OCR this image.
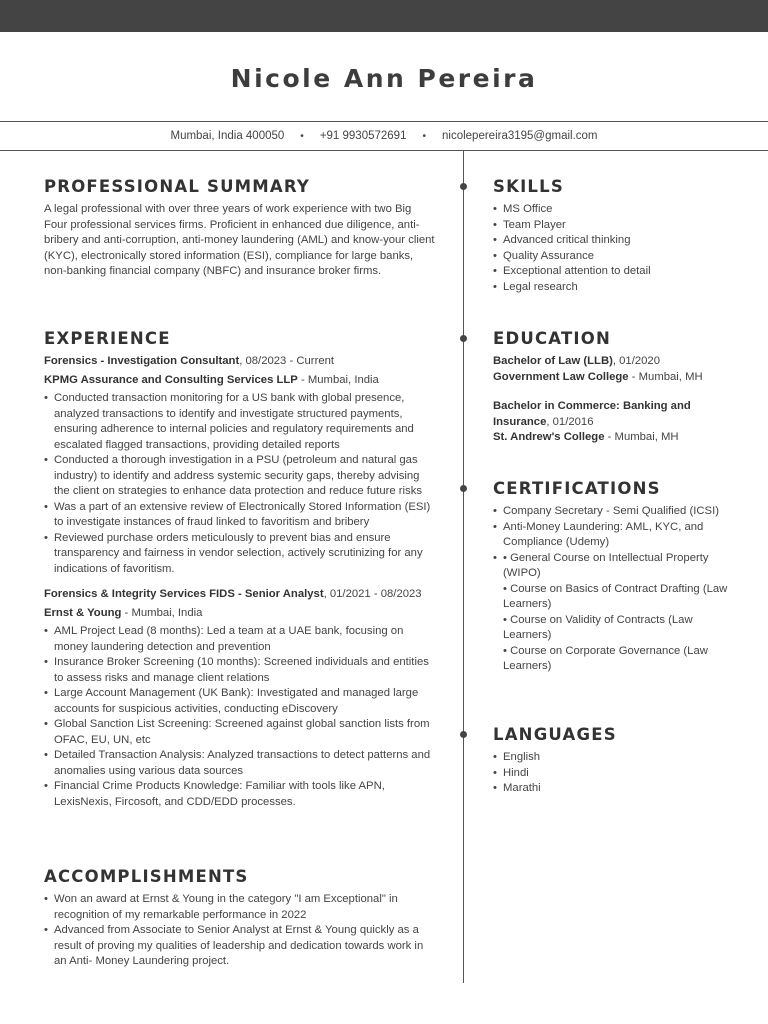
Nicole Ann Pereira
Mumbai, India 400050 • +91 9930572691 • nicolepereira3195@gmail.com
PROFESSIONAL SUMMARY

A legal professional with over three years of work experience with two Big Four professional services firms. Proficient in enhanced due diligence, anti-bribery and anti-corruption, anti-money laundering (AML) and know-your client (KYC), electronically stored information (ESI), compliance for large banks, non-banking financial company (NBFC) and insurance broker firms.

EXPERIENCE
Forensics - Investigation Consultant, 08/2023 - Current
KPMG Assurance and Consulting Services LLP - Mumbai, India
• Conducted transaction monitoring for a US bank with global presence, analyzed transactions to identify and investigate structured payments, ensuring adherence to internal policies and regulatory requirements and escalated flagged transactions, providing detailed reports
• Conducted a thorough investigation in a PSU (petroleum and natural gas industry) to identify and address systemic security gaps, thereby advising the client on strategies to enhance data protection and reduce future risks
• Was a part of an extensive review of Electronically Stored Information (ESI) to investigate instances of fraud linked to favoritism and bribery
• Reviewed purchase orders meticulously to prevent bias and ensure transparency and fairness in vendor selection, actively scrutinizing for any indications of favoritism.
Forensics & Integrity Services FIDS - Senior Analyst, 01/2021 - 08/2023
Ernst & Young - Mumbai, India
• AML Project Lead (8 months): Led a team at a UAE bank, focusing on money laundering detection and prevention
• Insurance Broker Screening (10 months): Screened individuals and entities to assess risks and manage client relations
• Large Account Management (UK Bank): Investigated and managed large accounts for suspicious activities, conducting eDiscovery
• Global Sanction List Screening: Screened against global sanction lists from OFAC, EU, UN, etc
• Detailed Transaction Analysis: Analyzed transactions to detect patterns and anomalies using various data sources
• Financial Crime Products Knowledge: Familiar with tools like APN, LexisNexis, Fircosoft, and CDD/EDD processes.
ACCOMPLISHMENTS
• Won an award at Ernst & Young in the category "I am Exceptional" in recognition of my remarkable performance in 2022
• Advanced from Associate to Senior Analyst at Ernst & Young quickly as a result of proving my qualities of leadership and dedication towards work in an Anti- Money Laundering project.
SKILLS
• MS Office
• Team Player
• Advanced critical thinking
• Quality Assurance
• Exceptional attention to detail
• Legal research
EDUCATION
Bachelor of Law (LLB), 01/2020
Government Law College - Mumbai, MH
Bachelor in Commerce: Banking and Insurance, 01/2016
St. Andrew's College - Mumbai, MH
CERTIFICATIONS
• Company Secretary - Semi Qualified (ICSI)
• Anti-Money Laundering: AML, KYC, and Compliance (Udemy)
• • General Course on Intellectual Property (WIPO)
• Course on Basics of Contract Drafting (Law
Learners)
• Course on Validity of Contracts (Law Learners)
• Course on Corporate Governance (Law Learners)
LANGUAGES
• English
• Hindi
• Marathi
